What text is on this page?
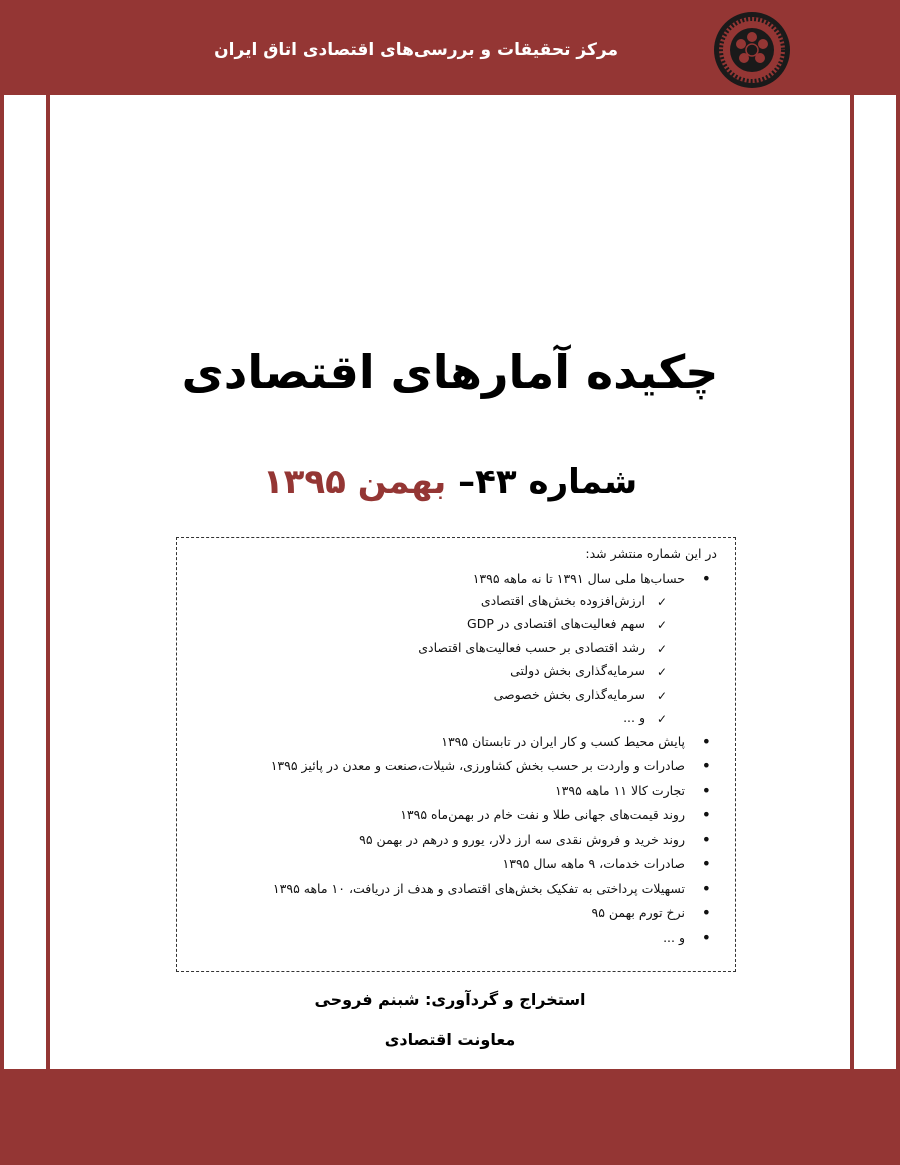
مرکز تحقیقات و بررسی‌های اقتصادی اتاق ایران
چکیده آمارهای اقتصادی
شماره ۴۳– بهمن ۱۳۹۵
در این شماره منتشر شد:
• حساب‌ها ملی سال ۱۳۹۱ تا نه ماهه ۱۳۹۵
✓
ارزش‌افزوده بخش‌های اقتصادی
✓
سهم فعالیت‌های اقتصادی در GDP
✓
رشد اقتصادی بر حسب فعالیت‌های اقتصادی
✓
سرمایه‌گذاری بخش دولتی
✓
سرمایه‌گذاری بخش خصوصی
✓
و ...
• پایش محیط کسب و کار ایران در تابستان ۱۳۹۵
• صادرات و واردت بر حسب بخش کشاورزی، شیلات،صنعت و معدن در پائیز ۱۳۹۵
• تجارت کالا ۱۱ ماهه ۱۳۹۵
• روند قیمت‌های جهانی طلا و نفت خام در بهمن‌ماه ۱۳۹۵
• روند خرید و فروش نقدی سه ارز دلار، یورو و درهم در بهمن ۹۵
• صادرات خدمات، ۹ ماهه سال ۱۳۹۵
• تسهیلات پرداختی به تفکیک بخش‌های اقتصادی و هدف از دریافت، ۱۰ ماهه ۱۳۹۵
• نرخ تورم بهمن ۹۵
• و ...
استخراج و گردآوری: شبنم فروحی
معاونت اقتصادی
